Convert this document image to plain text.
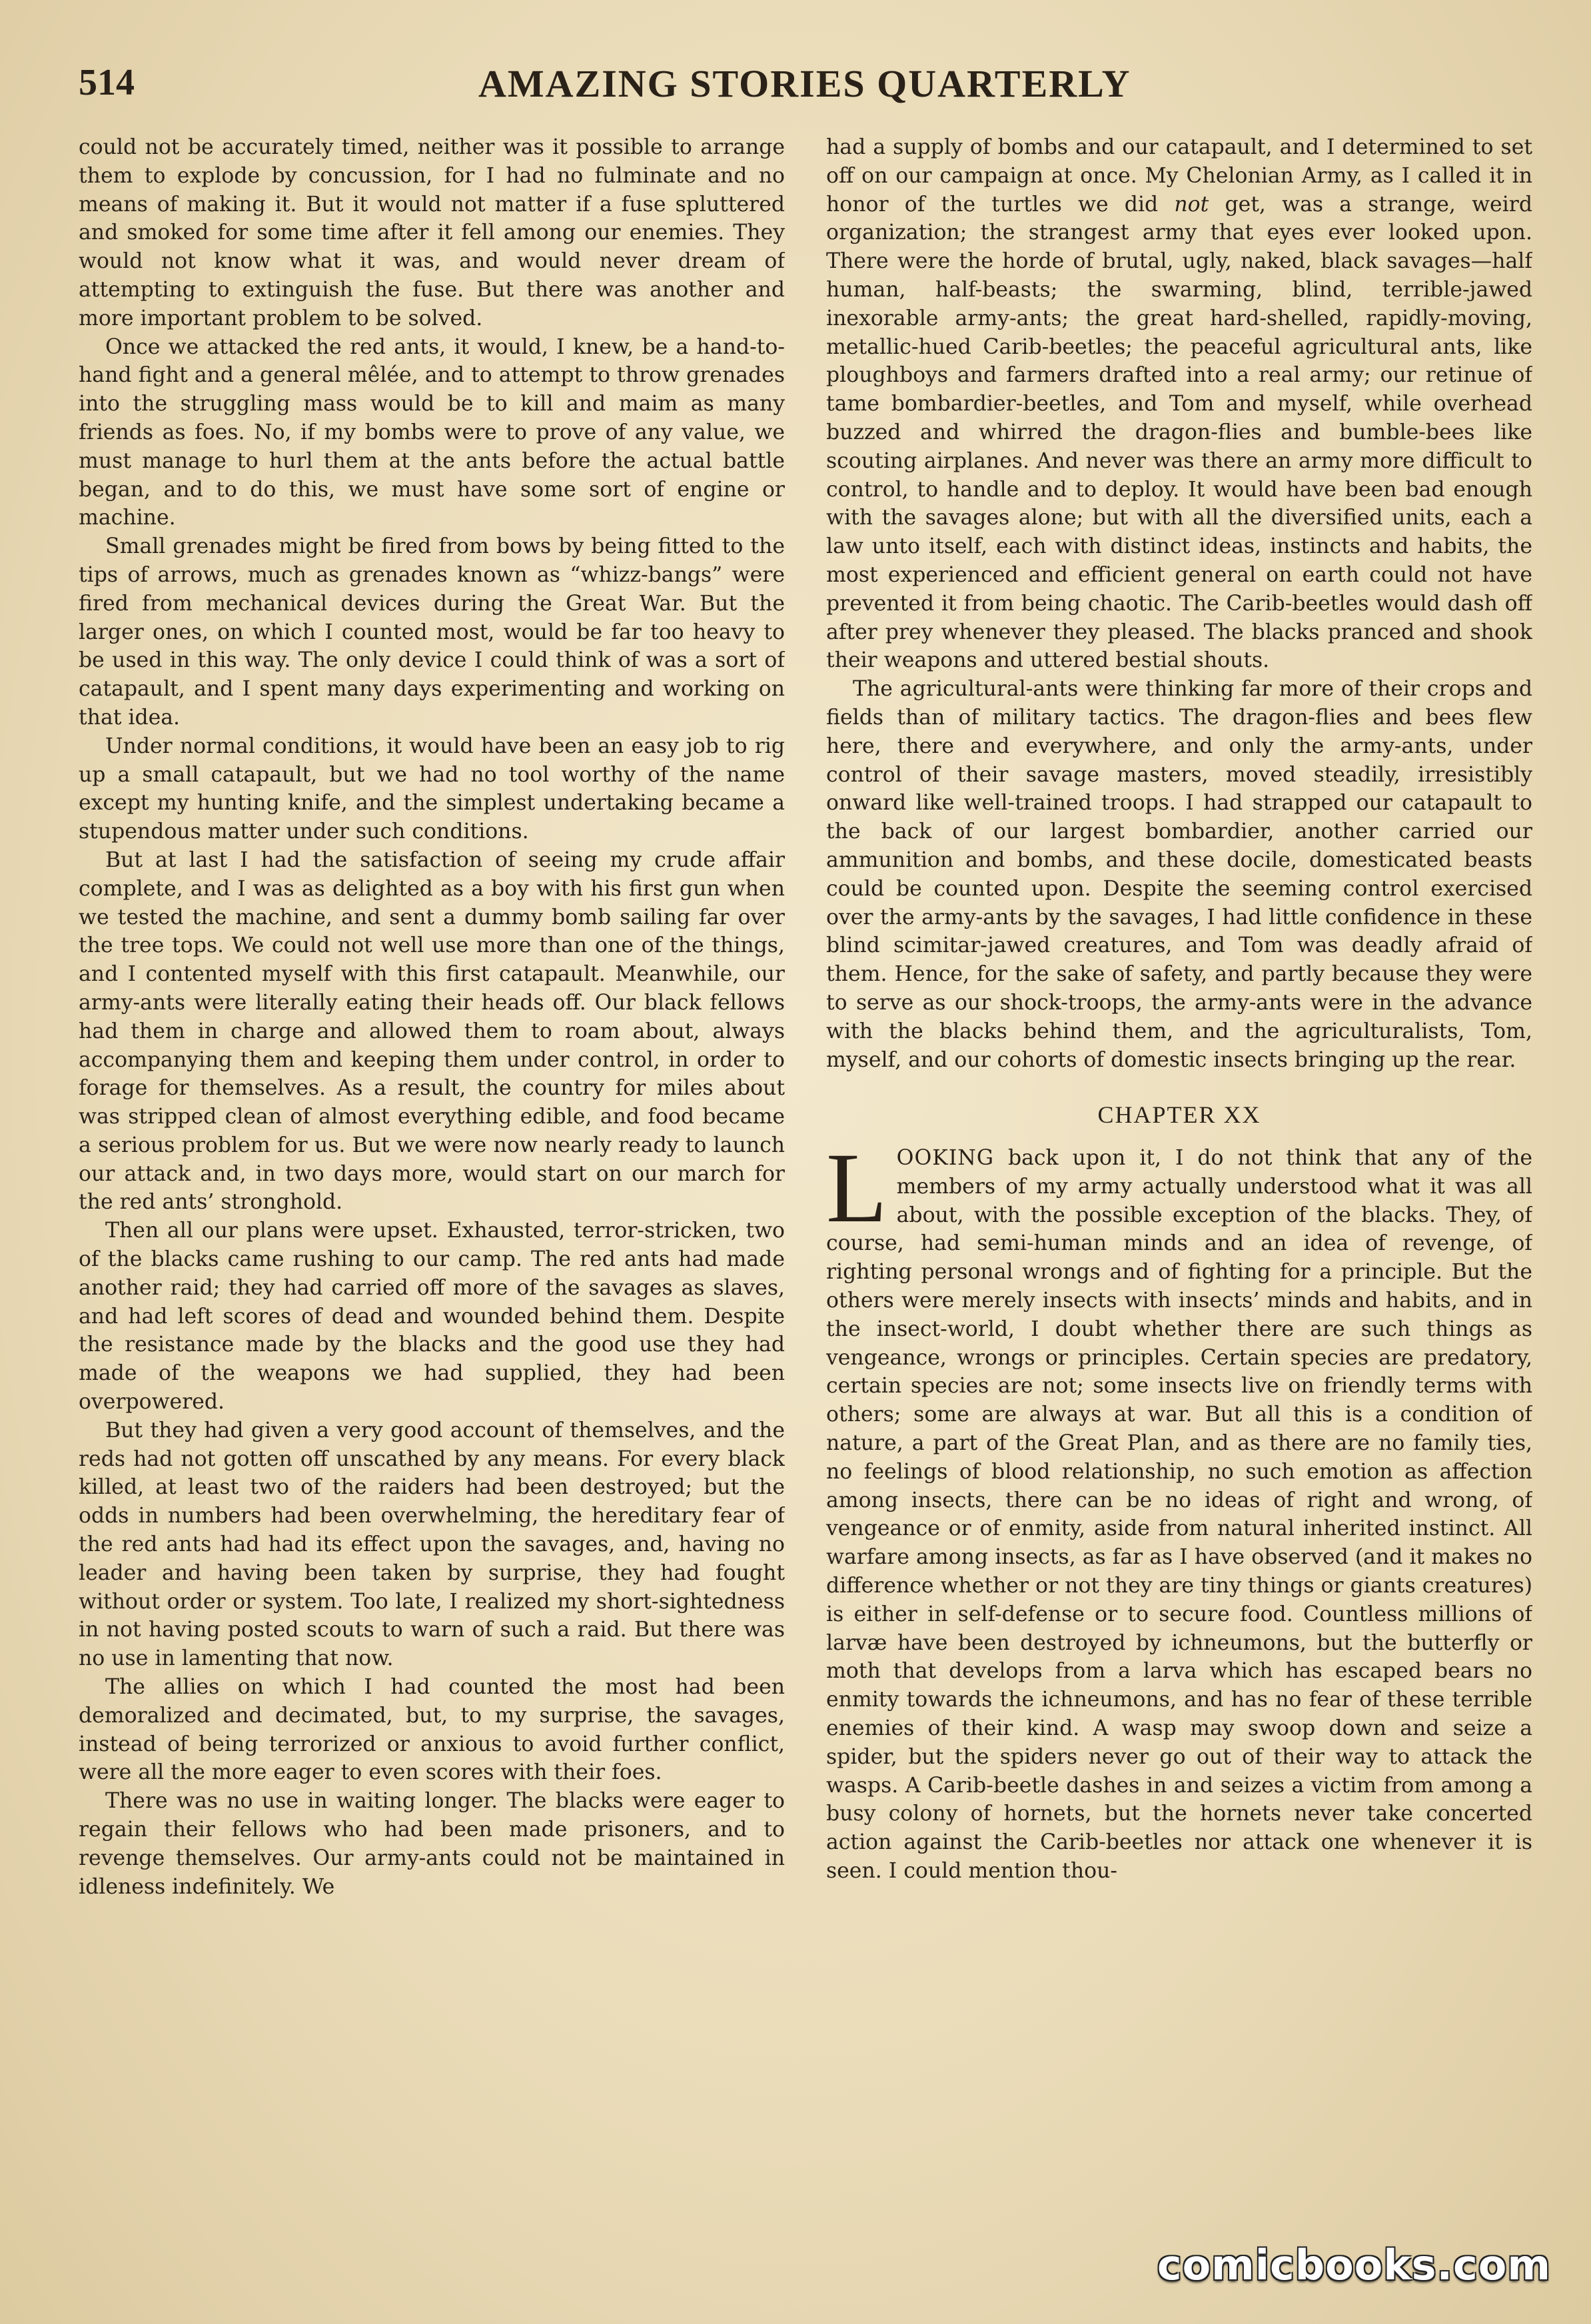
514	AMAZING STORIES QUARTERLY

could not be accurately timed, neither was it possible to arrange them to explode by concussion, for I had no fulminate and no means of making it. But it would not matter if a fuse spluttered and smoked for some time after it fell among our enemies. They would not know what it was, and would never dream of attempting to extinguish the fuse. But there was another and more important problem to be solved.

Once we attacked the red ants, it would, I knew, be a hand-to-hand fight and a general mêlée, and to attempt to throw grenades into the struggling mass would be to kill and maim as many friends as foes. No, if my bombs were to prove of any value, we must manage to hurl them at the ants before the actual battle began, and to do this, we must have some sort of engine or machine.

Small grenades might be fired from bows by being fitted to the tips of arrows, much as grenades known as “whizz-bangs” were fired from mechanical devices during the Great War. But the larger ones, on which I counted most, would be far too heavy to be used in this way. The only device I could think of was a sort of catapault, and I spent many days experimenting and working on that idea.

Under normal conditions, it would have been an easy job to rig up a small catapault, but we had no tool worthy of the name except my hunting knife, and the simplest undertaking became a stupendous matter under such conditions.

But at last I had the satisfaction of seeing my crude affair complete, and I was as delighted as a boy with his first gun when we tested the machine, and sent a dummy bomb sailing far over the tree tops. We could not well use more than one of the things, and I contented myself with this first catapault. Meanwhile, our army-ants were literally eating their heads off. Our black fellows had them in charge and allowed them to roam about, always accompanying them and keeping them under control, in order to forage for themselves. As a result, the country for miles about was stripped clean of almost everything edible, and food became a serious problem for us. But we were now nearly ready to launch our attack and, in two days more, would start on our march for the red ants’ stronghold.

Then all our plans were upset. Exhausted, terror-stricken, two of the blacks came rushing to our camp. The red ants had made another raid; they had carried off more of the savages as slaves, and had left scores of dead and wounded behind them. Despite the resistance made by the blacks and the good use they had made of the weapons we had supplied, they had been overpowered.

But they had given a very good account of themselves, and the reds had not gotten off unscathed by any means. For every black killed, at least two of the raiders had been destroyed; but the odds in numbers had been overwhelming, the hereditary fear of the red ants had had its effect upon the savages, and, having no leader and having been taken by surprise, they had fought without order or system. Too late, I realized my short-sightedness in not having posted scouts to warn of such a raid. But there was no use in lamenting that now.

The allies on which I had counted the most had been demoralized and decimated, but, to my surprise, the savages, instead of being terrorized or anxious to avoid further conflict, were all the more eager to even scores with their foes.

There was no use in waiting longer. The blacks were eager to regain their fellows who had been made prisoners, and to revenge themselves. Our army-ants could not be maintained in idleness indefinitely. We

had a supply of bombs and our catapault, and I determined to set off on our campaign at once. My Chelonian Army, as I called it in honor of the turtles we did not get, was a strange, weird organization; the strangest army that eyes ever looked upon. There were the horde of brutal, ugly, naked, black savages—half human, half-beasts; the swarming, blind, terrible-jawed inexorable army-ants; the great hard-shelled, rapidly-moving, metallic-hued Carib-beetles; the peaceful agricultural ants, like ploughboys and farmers drafted into a real army; our retinue of tame bombardier-beetles, and Tom and myself, while overhead buzzed and whirred the dragon-flies and bumble-bees like scouting airplanes. And never was there an army more difficult to control, to handle and to deploy. It would have been bad enough with the savages alone; but with all the diversified units, each a law unto itself, each with distinct ideas, instincts and habits, the most experienced and efficient general on earth could not have prevented it from being chaotic. The Carib-beetles would dash off after prey whenever they pleased. The blacks pranced and shook their weapons and uttered bestial shouts.

The agricultural-ants were thinking far more of their crops and fields than of military tactics. The dragon-flies and bees flew here, there and everywhere, and only the army-ants, under control of their savage masters, moved steadily, irresistibly onward like well-trained troops. I had strapped our catapault to the back of our largest bombardier, another carried our ammunition and bombs, and these docile, domesticated beasts could be counted upon. Despite the seeming control exercised over the army-ants by the savages, I had little confidence in these blind scimitar-jawed creatures, and Tom was deadly afraid of them. Hence, for the sake of safety, and partly because they were to serve as our shock-troops, the army-ants were in the advance with the blacks behind them, and the agriculturalists, Tom, myself, and our cohorts of domestic insects bringing up the rear.

CHAPTER XX

LOOKING back upon it, I do not think that any of the members of my army actually understood what it was all about, with the possible exception of the blacks. They, of course, had semi-human minds and an idea of revenge, of righting personal wrongs and of fighting for a principle. But the others were merely insects with insects’ minds and habits, and in the insect-world, I doubt whether there are such things as vengeance, wrongs or principles. Certain species are predatory, certain species are not; some insects live on friendly terms with others; some are always at war. But all this is a condition of nature, a part of the Great Plan, and as there are no family ties, no feelings of blood relationship, no such emotion as affection among insects, there can be no ideas of right and wrong, of vengeance or of enmity, aside from natural inherited instinct. All warfare among insects, as far as I have observed (and it makes no difference whether or not they are tiny things or giants creatures) is either in self-defense or to secure food. Countless millions of larvæ have been destroyed by ichneumons, but the butterfly or moth that develops from a larva which has escaped bears no enmity towards the ichneumons, and has no fear of these terrible enemies of their kind. A wasp may swoop down and seize a spider, but the spiders never go out of their way to attack the wasps. A Carib-beetle dashes in and seizes a victim from among a busy colony of hornets, but the hornets never take concerted action against the Carib-beetles nor attack one whenever it is seen. I could mention thou-

comicbooks.com
